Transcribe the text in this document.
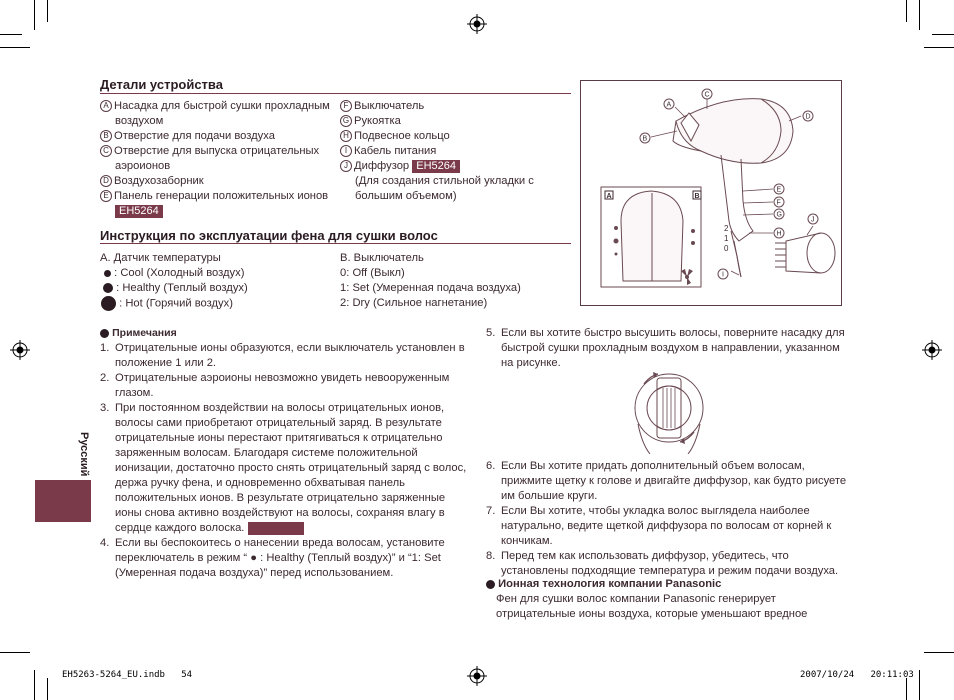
Русский
Детали устройства
A Насадка для быстрой сушки прохладным
воздухом
B Отверстие для подачи воздуха
C Отверстие для выпуска отрицательных
аэроионов
D Воздухозаборник
E Панель генерации положительных ионов
EH5264
F Выключатель
G Рукоятка
H Подвесное кольцо
I Кабель питания
J Диффузор EH5264
(Для создания стильной укладки с
большим объемом)
Инструкция по эксплуатации фена для сушки волос
A. Датчик температуры
: Cool (Холодный воздух)
: Healthy (Теплый воздух)
: Hot (Горячий воздух)
B. Выключатель
0: Off (Выкл)
1: Set (Умеренная подача воздуха)
2: Dry (Сильное нагнетание)
2
1
0
A	B
A
B
C
D
E
F
G
H
I
J
Примечания
1. Отрицательные ионы образуются, если выключатель установлен в
положение 1 или 2.
2. Отрицательные аэроионы невозможно увидеть невооруженным
глазом.
3. При постоянном воздействии на волосы отрицательных ионов,
волосы сами приобретают отрицательный заряд. В результате
отрицательные ионы перестают притягиваться к отрицательно
заряженным волосам. Благодаря системе положительной
ионизации, достаточно просто снять отрицательный заряд с волос,
держа ручку фена, и одновременно обхватывая панель
положительных ионов. В результате отрицательно заряженные
ионы снова активно воздействуют на волосы, сохраняя влагу в
сердце каждого волоска.
4. Если вы беспокоитесь о нанесении вреда волосам, установите
переключатель в режим “ ● : Healthy (Теплый воздух)” и “1: Set
(Умеренная подача воздуха)” перед использованием.
5. Если вы хотите быстро высушить волосы, поверните насадку для
быстрой сушки прохладным воздухом в направлении, указанном
на рисунке.
6. Если Вы хотите придать дополнительный объем волосам,
прижмите щетку к голове и двигайте диффузор, как будто рисуете
им большие круги.
7. Если Вы хотите, чтобы укладка волос выглядела наиболее
натурально, ведите щеткой диффузора по волосам от корней к
кончикам.
8. Перед тем как использовать диффузор, убедитесь, что
установлены подходящие температура и режим подачи воздуха.
Ионная технология компании Panasonic
Фен для сушки волос компании Panasonic генерирует
отрицательные ионы воздуха, которые уменьшают вредное
EH5263-5264_EU.indb   54	2007/10/24   20:11:03
